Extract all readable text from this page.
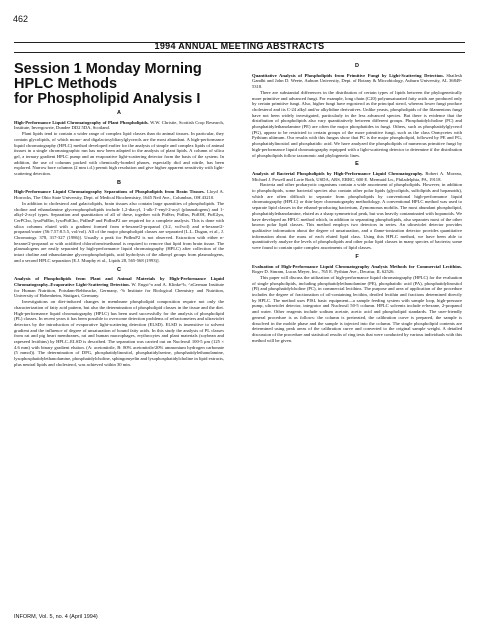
462
1994 ANNUAL MEETING ABSTRACTS
Session 1 Monday Morning
HPLC Methods
for Phospholipid Analysis I
A

High-Performance Liquid Chromatography of Plant Phospholipids. W.W. Christie, Scottish Crop Research, Institute, Invergowrie, Dundee DD2 5DA, Scotland.

Plant lipids tend to contain a wider range of complex lipid classes than do animal tissues. In particular, they contain glycolipids, of which mono- and digalactosyldiacylglycerols are the most abundant. A high-performance liquid chromatography (HPLC) method developed earlier for the analysis of simple and complex lipids of animal tissues in a single chromatographic run has now been adapted to the analysis of plant lipids. A column of silica gel, a ternary gradient HPLC pump and an evaporative light-scattering detector form the basis of the system. In addition, the use of columns packed with chemically-bonded phases, especially diol and nitrile, has been explored. Narrow bore columns (2 mm i.d.) permit high resolution and give higher apparent sensitivity with light-scattering detection.

B

High-Performance Liquid Chromatography Separations of Phospholipids from Brain Tissues. Lloyd A. Horrocks, The Ohio State University, Dept. of Medical Biochemistry, 1645 Neil Ave., Columbus, OH 43210.

In addition to cholesterol and galactolipids, brain tissues also contain large quantities of phospholipids. The choline and ethanolamine glycerophospholipids include 1,2-diacyl, 1-alk-1'-enyl-2-acyl (plasmalogens) and 1-alkyl-2-acyl types. Separation and quantitation of all of these, together with PtdSer, PtdIns, PtdOH, PtdGlyn, CerPCho, lysoPtdEtn, lysoPtdCho, PtdInsP and PtdInsP2 are required for a complete analysis. This is done with silica columns eluted with a gradient formed from n-hexane/2-propanol (3:2, vol/vol) and n-hexane/2-propanol/water (56:7.57:8.5.5, vol/vol). All of the major phospholipid classes are separated [L.L. Dugan, et al., J. Chromatogr. 378, 317-327 (1986)]. Usually a peak for PtdInsP2 is not observed. Extraction with either n-hexane/2-propanol or with acidified chloroform/methanol is required to remove that lipid from brain tissue. The plasmalogens are easily separated by high-performance liquid chromatography (HPLC) after collection of the intact choline and ethanolamine glycerophospholipids, acid hydrolysis of the alkenyl groups from plasmalogens, and a second HPLC separation [E.J. Murphy et al., Lipids 28, 565-568 (1993)].

C

Analysis of Phospholipids from Plant and Animal Materials by High-Performance Liquid Chromatography–Evaporative Light-Scattering Detection. W. Engst^a and A. Klinke^b, ^aGerman Institute for Human Nutrition, Potsdam-Rehbrucke, Germany, ^b Institute for Biological Chemistry and Nutrition, University of Hohenheim, Stuttgart, Germany.

Investigations on diet-induced changes in membrane phospholipid composition require not only the characterization of fatty acid pattern, but also the determination of phospholipid classes in the tissue and the diet. High-performance liquid chromatography (HPLC) has been used successfully for the analysis of phospholipid (PL) classes. In recent years it has been possible to overcome detection problems of refractometers and ultraviolet detectors by the introduction of evaporative light-scattering detection (ELSD). ELSD is insensitive to solvent gradient and the influence of degree of unsaturation of bound fatty acids. In this study the analysis of PL classes from rat and pig heart membranes, rat and human macrophages, erythrocytes and plant materials (soybean and rapeseed lecithins) by HPLC–ELSD is described. The separation was carried out on Nucleosil 100-5 μm (125 × 4.6 mm) with binary gradient elution. (A: acetonitrile, B: 80% acetonitrile/20% ammonium hydrogen carbonate (5 mmol)). The determination of DPG, phosphatidylinositol, phosphatidylserine, phosphatidylethanolamine, lysophosphatidylethanolamine, phosphatidylcholine, sphingomyelin and lysophosphatidylcholine in lipid extracts, plus neutral lipids and cholesterol, was achieved within 30 min.

D

Quantitative Analysis of Phospholipids from Primitive Fungi by Light-Scattering Detection. Shailesh Gandhi and John D. Weete, Auburn University, Dept. of Botany & Microbiology, Auburn University, AL 36849-5318.

There are substantial differences in the distribution of certain types of lipids between the phylogenetically more primitive and advanced fungi. For example, long chain (C20) polyunsaturated fatty acids are produced only by certain primitive fungi. Also, higher fungi have ergosterol as the principal sterol, whereas lower fungi produce cholesterol and its C-24 alkyl and/or alkylidine derivatives. Unlike yeasts, phospholipids of the filamentous fungi have not been widely investigated, particularly in the less advanced species. But there is evidence that the distribution of phospholipids also vary quantitatively between different groups. Phosphatidylcholine (PC) and phosphatidylethanolamine (PE) are often the major phosphatides in fungi. Others, such as phosphatidylglycerol (PG), appear to be restricted to certain groups of the more primitive fungi, such as the class Oomycetes with Pythium ultimum. Our results with this fungus show that PC is the major phospholipid, followed by PE and PG, phosphatidylinositol and phosphatidic acid. We have analyzed the phospholipids of numerous primitive fungi by high-performance liquid chromatography equipped with a light-scattering detector to determine if the distribution of phospholipids follow taxonomic and phylogenetic lines.

E

Analysis of Bacterial Phospholipids by High-Performance Liquid Chromatography. Robert A. Moreau, Michael J. Powell and Lorie Roth, USDA, ARS, ERRC, 600 E. Mermaid Ln., Philadelphia, PA, 19118.

Bacteria and other prokaryotic organisms contain a wide assortment of phospholipids. However, in addition to phospholipids, some bacterial species also contain other polar lipids (glycolipids, sulfolipids and hopanoids), which are often difficult to separate from phospholipids by conventional high-performance liquid chromatography (HPLC) or thin-layer chromatography methodology. A conventional HPLC method was used to separate lipid classes in the ethanol-producing bacterium, Zymomonas mobilis. The most abundant phospholipid, phosphatidylethanolamine, eluted as a sharp symmetrical peak, but was heavily contaminated with hopanoids. We have developed an HPLC method which, in addition to separating phospholipids, also separates most of the other known polar lipid classes. This method employs two detectors in series. An ultraviolet detector provides qualitative information about the degree of unsaturation, and a flame-ionization detector provides quantitative information about the mass of each eluted lipid class. Using this HPLC method, we have been able to quantitatively analyze the levels of phospholipids and other polar lipid classes in many species of bacteria; some were found to contain quite complex assortments of lipid classes.

F

Evaluation of High-Performance Liquid Chromatography Analysis Methods for Commercial Lecithins. Roger D. Sinram, Lucas Meyer, Inc., 765 E. Pythian Ave., Decatur, IL 62526.

This paper will discuss the utilization of high-performance liquid chromatography (HPLC) for the evaluation of single phospholipids, including phosphatidylethanolamine (PE), phosphatidic acid (PA), phosphatidylinositol (PI) and phosphatidylcholine (PC), in commercial lecithins. The purpose and area of application of the procedure includes the degree of fractionation of oil-containing lecithin, deoiled lecithin and fractions determined directly by HPLC. The method uses PISL basic equipment—a sample feeding system with sample loop, high-pressure pump, ultraviolet detector, integrator and Nucleosil 50-5 column. HPLC solvents include n-hexane, 2-propanol and water. Other reagents include sodium acetate, acetic acid and phospholipid standards. The user-friendly general procedure is as follows: the column is pretreated, the calibration curve is prepared, the sample is dissolved in the mobile phase and the sample is injected into the column. The single phospholipid contents are determined using peak areas of the calibration curve and converted to the original sample weight. A detailed discussion of the procedure and statistical results of ring tests that were conducted by various individuals with this method will be given.

INFORM, Vol. 5, no. 4 (April 1994)
